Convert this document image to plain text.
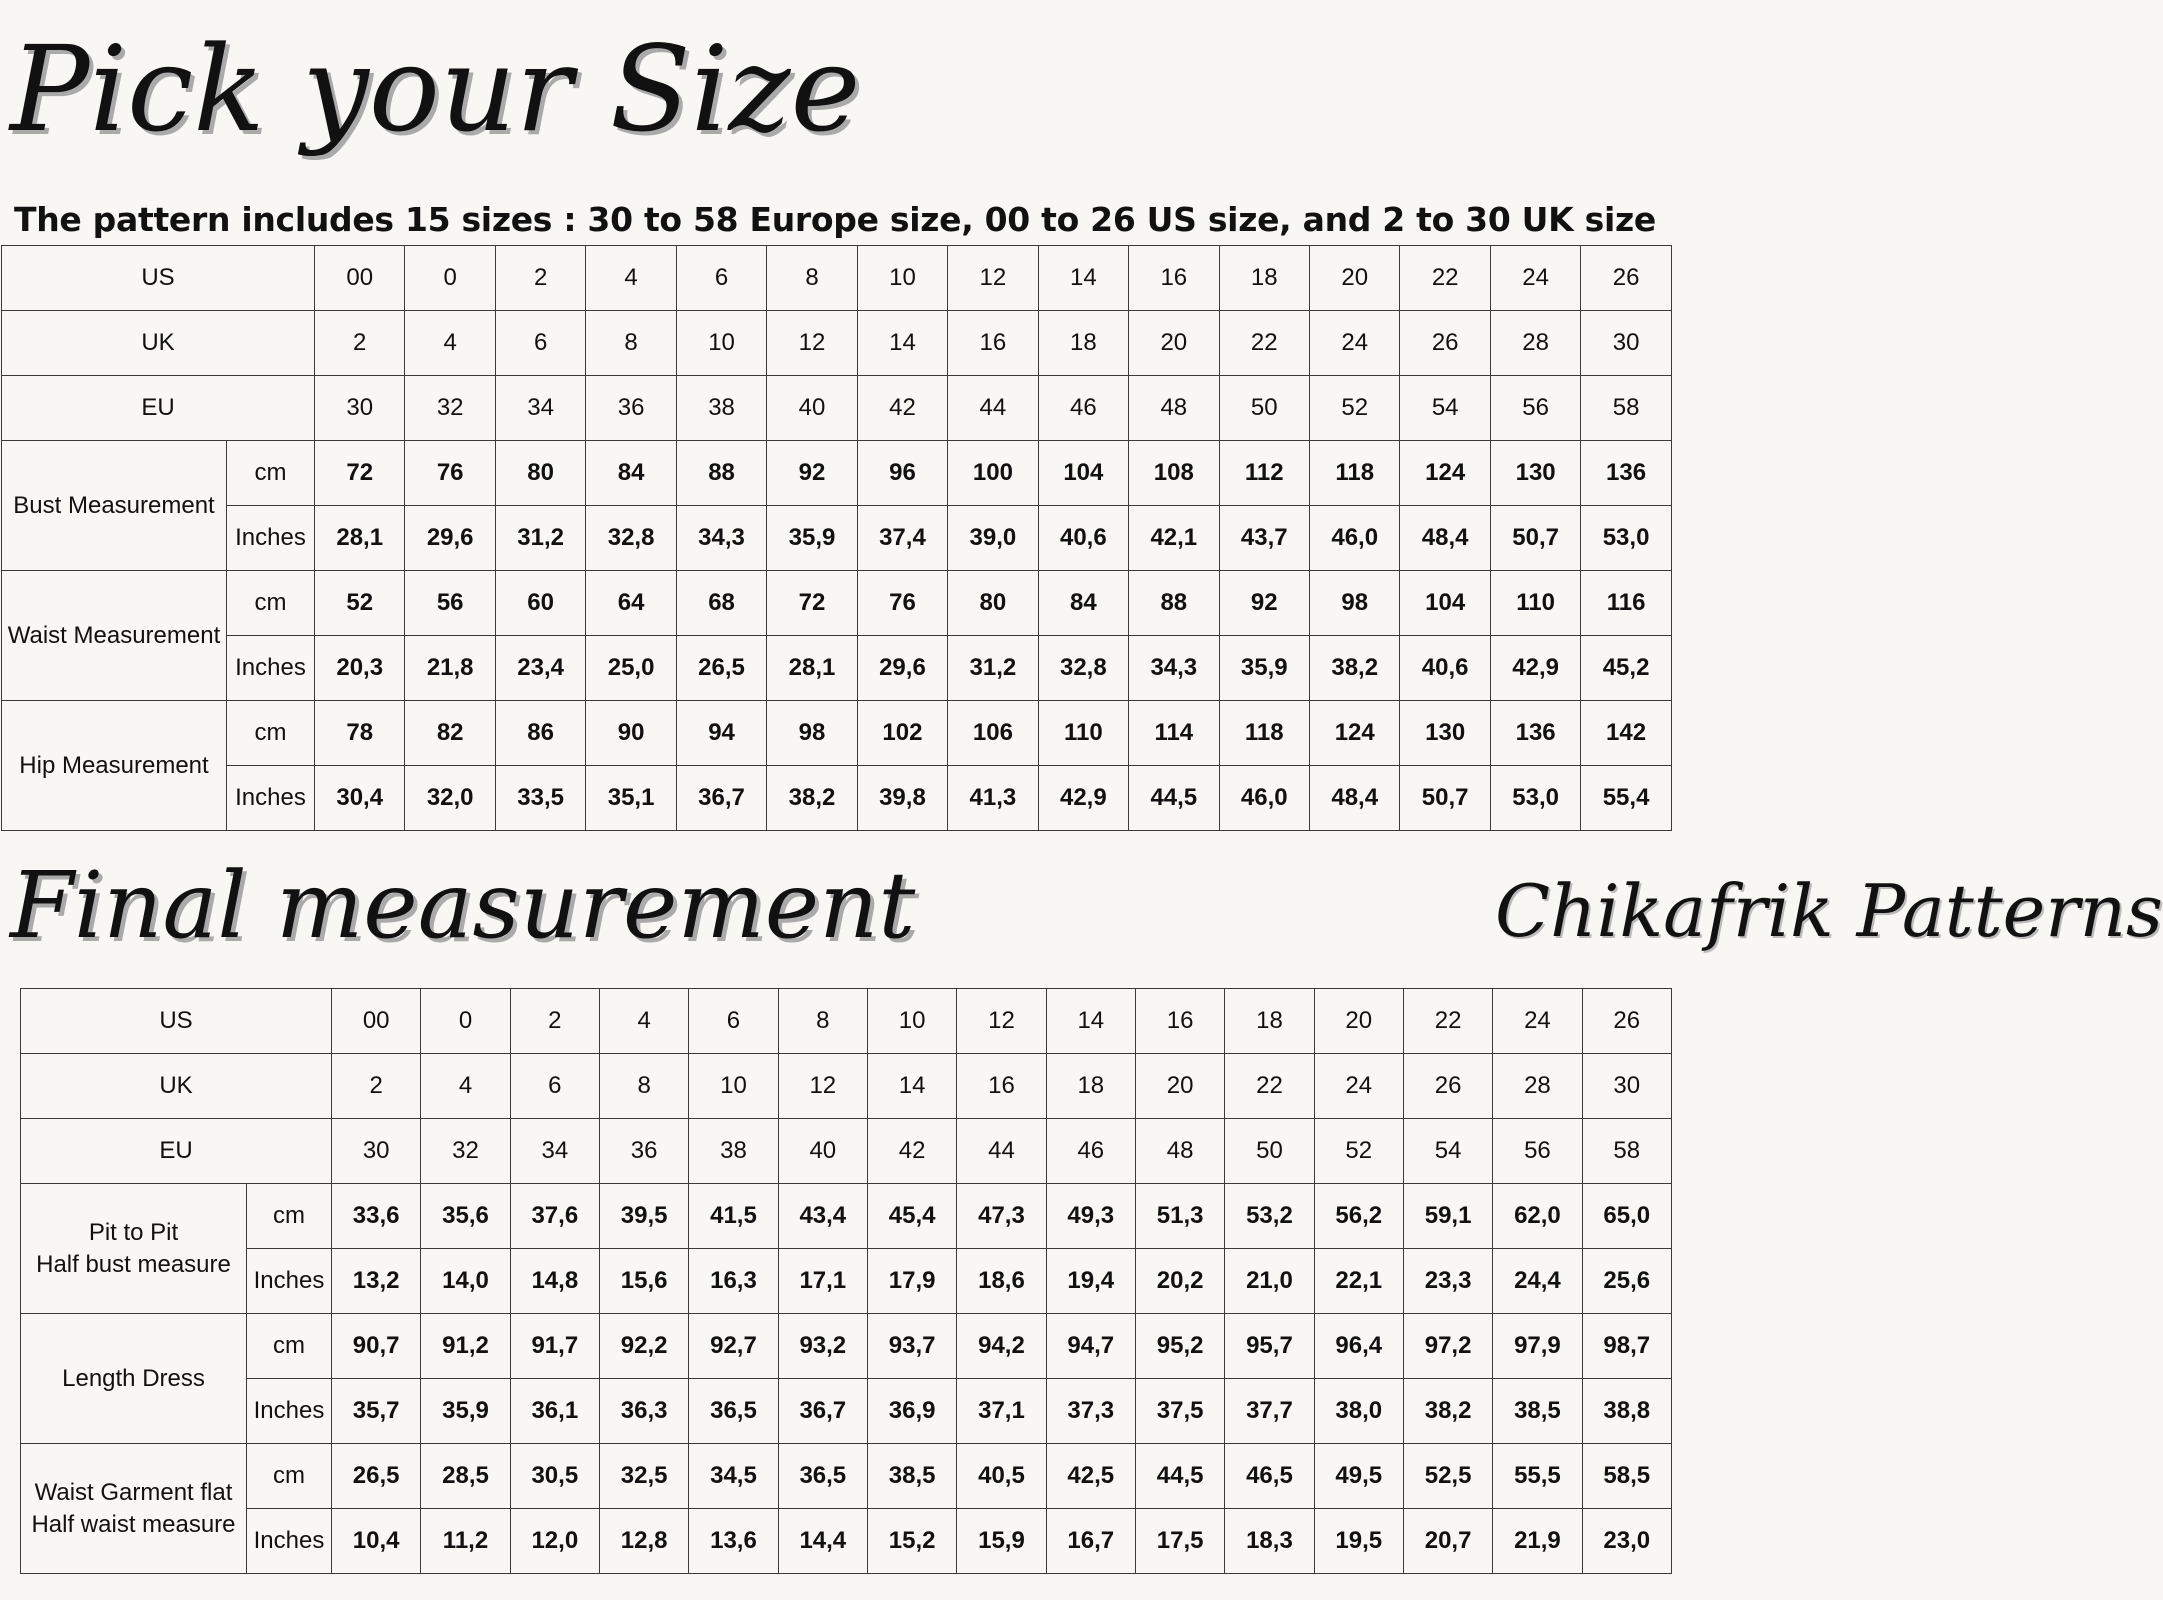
Pick your Size

The pattern includes 15 sizes : 30 to 58 Europe size, 00 to 26 US size, and 2 to 30 UK size

US		00	0	2	4	6	8	10	12	14	16	18	20	22	24	26
UK		2	4	6	8	10	12	14	16	18	20	22	24	26	28	30
EU		30	32	34	36	38	40	42	44	46	48	50	52	54	56	58
Bust Measurement	cm	72	76	80	84	88	92	96	100	104	108	112	118	124	130	136
	Inches	28,1	29,6	31,2	32,8	34,3	35,9	37,4	39,0	40,6	42,1	43,7	46,0	48,4	50,7	53,0
Waist Measurement	cm	52	56	60	64	68	72	76	80	84	88	92	98	104	110	116
	Inches	20,3	21,8	23,4	25,0	26,5	28,1	29,6	31,2	32,8	34,3	35,9	38,2	40,6	42,9	45,2
Hip Measurement	cm	78	82	86	90	94	98	102	106	110	114	118	124	130	136	142
	Inches	30,4	32,0	33,5	35,1	36,7	38,2	39,8	41,3	42,9	44,5	46,0	48,4	50,7	53,0	55,4
Final measurement	Chikafrik Patterns
US		00	0	2	4	6	8	10	12	14	16	18	20	22	24	26
UK		2	4	6	8	10	12	14	16	18	20	22	24	26	28	30
EU		30	32	34	36	38	40	42	44	46	48	50	52	54	56	58
Pit to Pit
Half bust measure	cm	33,6	35,6	37,6	39,5	41,5	43,4	45,4	47,3	49,3	51,3	53,2	56,2	59,1	62,0	65,0
	Inches	13,2	14,0	14,8	15,6	16,3	17,1	17,9	18,6	19,4	20,2	21,0	22,1	23,3	24,4	25,6
Length Dress	cm	90,7	91,2	91,7	92,2	92,7	93,2	93,7	94,2	94,7	95,2	95,7	96,4	97,2	97,9	98,7
	Inches	35,7	35,9	36,1	36,3	36,5	36,7	36,9	37,1	37,3	37,5	37,7	38,0	38,2	38,5	38,8
Waist Garment flat
Half waist measure	cm	26,5	28,5	30,5	32,5	34,5	36,5	38,5	40,5	42,5	44,5	46,5	49,5	52,5	55,5	58,5
	Inches	10,4	11,2	12,0	12,8	13,6	14,4	15,2	15,9	16,7	17,5	18,3	19,5	20,7	21,9	23,0
